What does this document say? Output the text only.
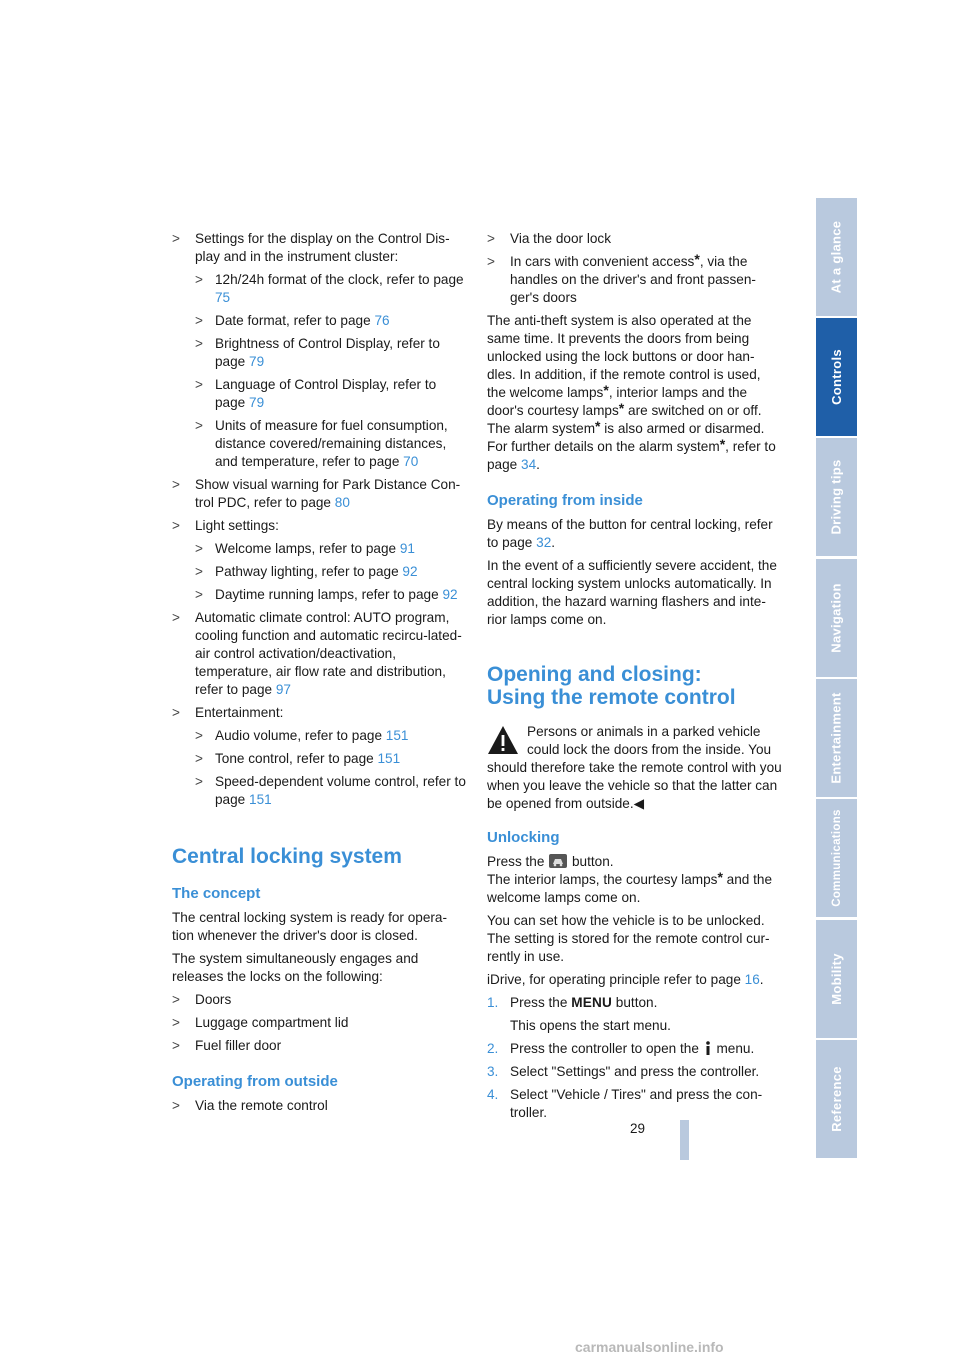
> Settings for the display on the Control Dis-play and in the instrument cluster:
> 12h/24h format of the clock, refer to page 75
> Date format, refer to page 76
> Brightness of Control Display, refer to page 79
> Language of Control Display, refer to page 79
> Units of measure for fuel consumption, distance covered/remaining distances, and temperature, refer to page 70
> Show visual warning for Park Distance Con-trol PDC, refer to page 80
> Light settings:
> Welcome lamps, refer to page 91
> Pathway lighting, refer to page 92
> Daytime running lamps, refer to page 92
> Automatic climate control: AUTO program, cooling function and automatic recircu-lated-air control activation/deactivation, temperature, air flow rate and distribution, refer to page 97
> Entertainment:
> Audio volume, refer to page 151
> Tone control, refer to page 151
> Speed-dependent volume control, refer to page 151
Central locking system
The concept

The central locking system is ready for opera-tion whenever the driver's door is closed.

The system simultaneously engages and releases the locks on the following:

> Doors
> Luggage compartment lid
> Fuel filler door
Operating from outside
> Via the remote control
> Via the door lock
> In cars with convenient access*, via the handles on the driver's and front passen-ger's doors

The anti-theft system is also operated at the same time. It prevents the doors from being unlocked using the lock buttons or door han-dles. In addition, if the remote control is used, the welcome lamps*, interior lamps and the door's courtesy lamps* are switched on or off. The alarm system* is also armed or disarmed. For further details on the alarm system*, refer to page 34.

Operating from inside

By means of the button for central locking, refer to page 32.

In the event of a sufficiently severe accident, the central locking system unlocks automatically. In addition, the hazard warning flashers and inte-rior lamps come on.

Opening and closing:
Using the remote control

Persons or animals in a parked vehicle could lock the doors from the inside. You should therefore take the remote control with you when you leave the vehicle so that the latter can be opened from outside.◀

Unlocking

Press the  button.

The interior lamps, the courtesy lamps* and the welcome lamps come on.

You can set how the vehicle is to be unlocked. The setting is stored for the remote control cur-rently in use.

iDrive, for operating principle refer to page 16.

1. Press the MENU button.
This opens the start menu.
2. Press the controller to open the  menu.
3. Select "Settings" and press the controller.
4. Select "Vehicle / Tires" and press the con-troller.
At a glance
Controls
Driving tips
Navigation
Entertainment
Communications
Mobility
Reference
29
carmanualsonline.info
